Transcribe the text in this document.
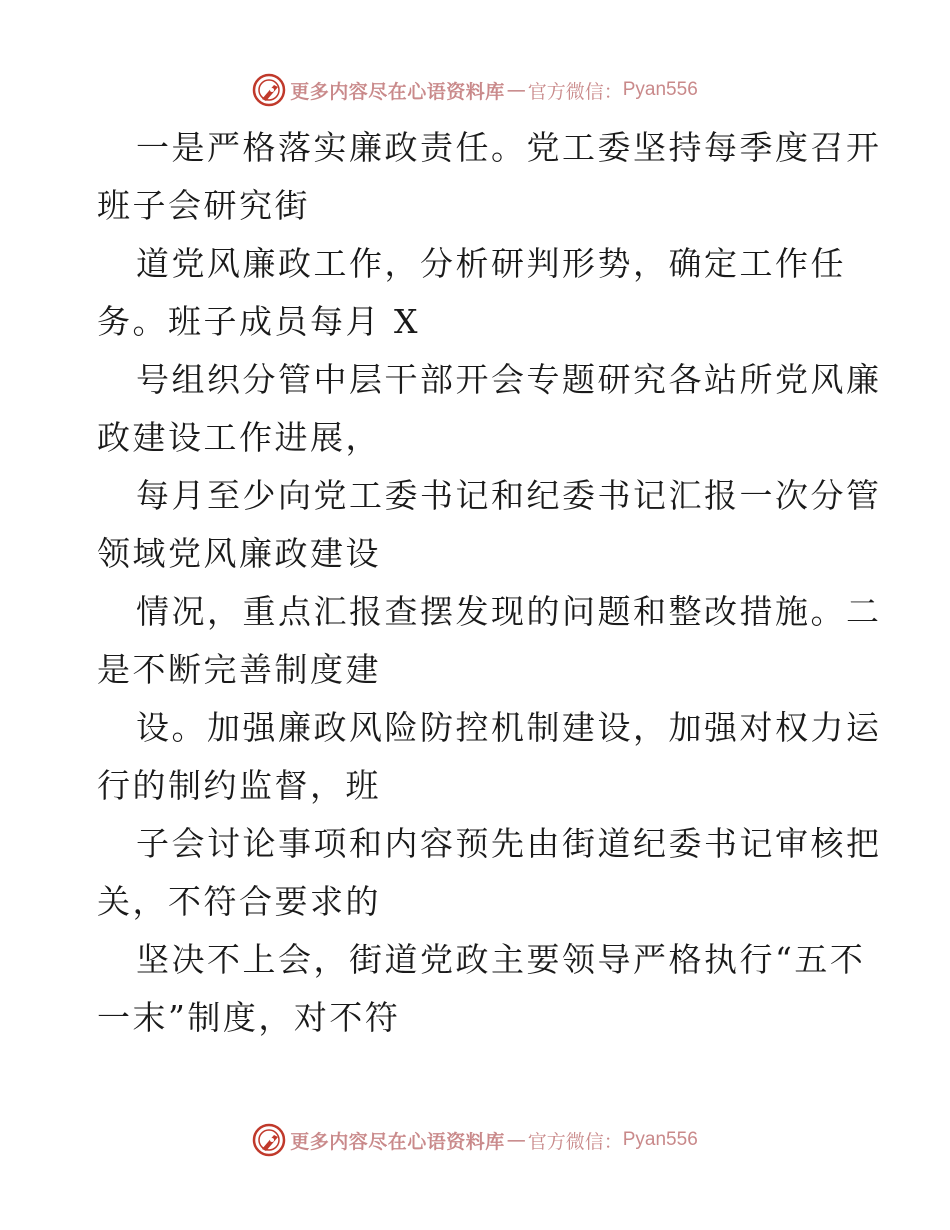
更多内容尽在心语资料库 — 官方微信： Pyan556
一是严格落实廉政责任。党工委坚持每季度召开
班子会研究街
道党风廉政工作，分析研判形势，确定工作任
务。班子成员每月 X
号组织分管中层干部开会专题研究各站所党风廉
政建设工作进展，
每月至少向党工委书记和纪委书记汇报一次分管
领域党风廉政建设
情况，重点汇报查摆发现的问题和整改措施。二
是不断完善制度建
设。加强廉政风险防控机制建设，加强对权力运
行的制约监督，班
子会讨论事项和内容预先由街道纪委书记审核把
关，不符合要求的
坚决不上会，街道党政主要领导严格执行“五不
一末”制度，对不符
更多内容尽在心语资料库 — 官方微信： Pyan556
